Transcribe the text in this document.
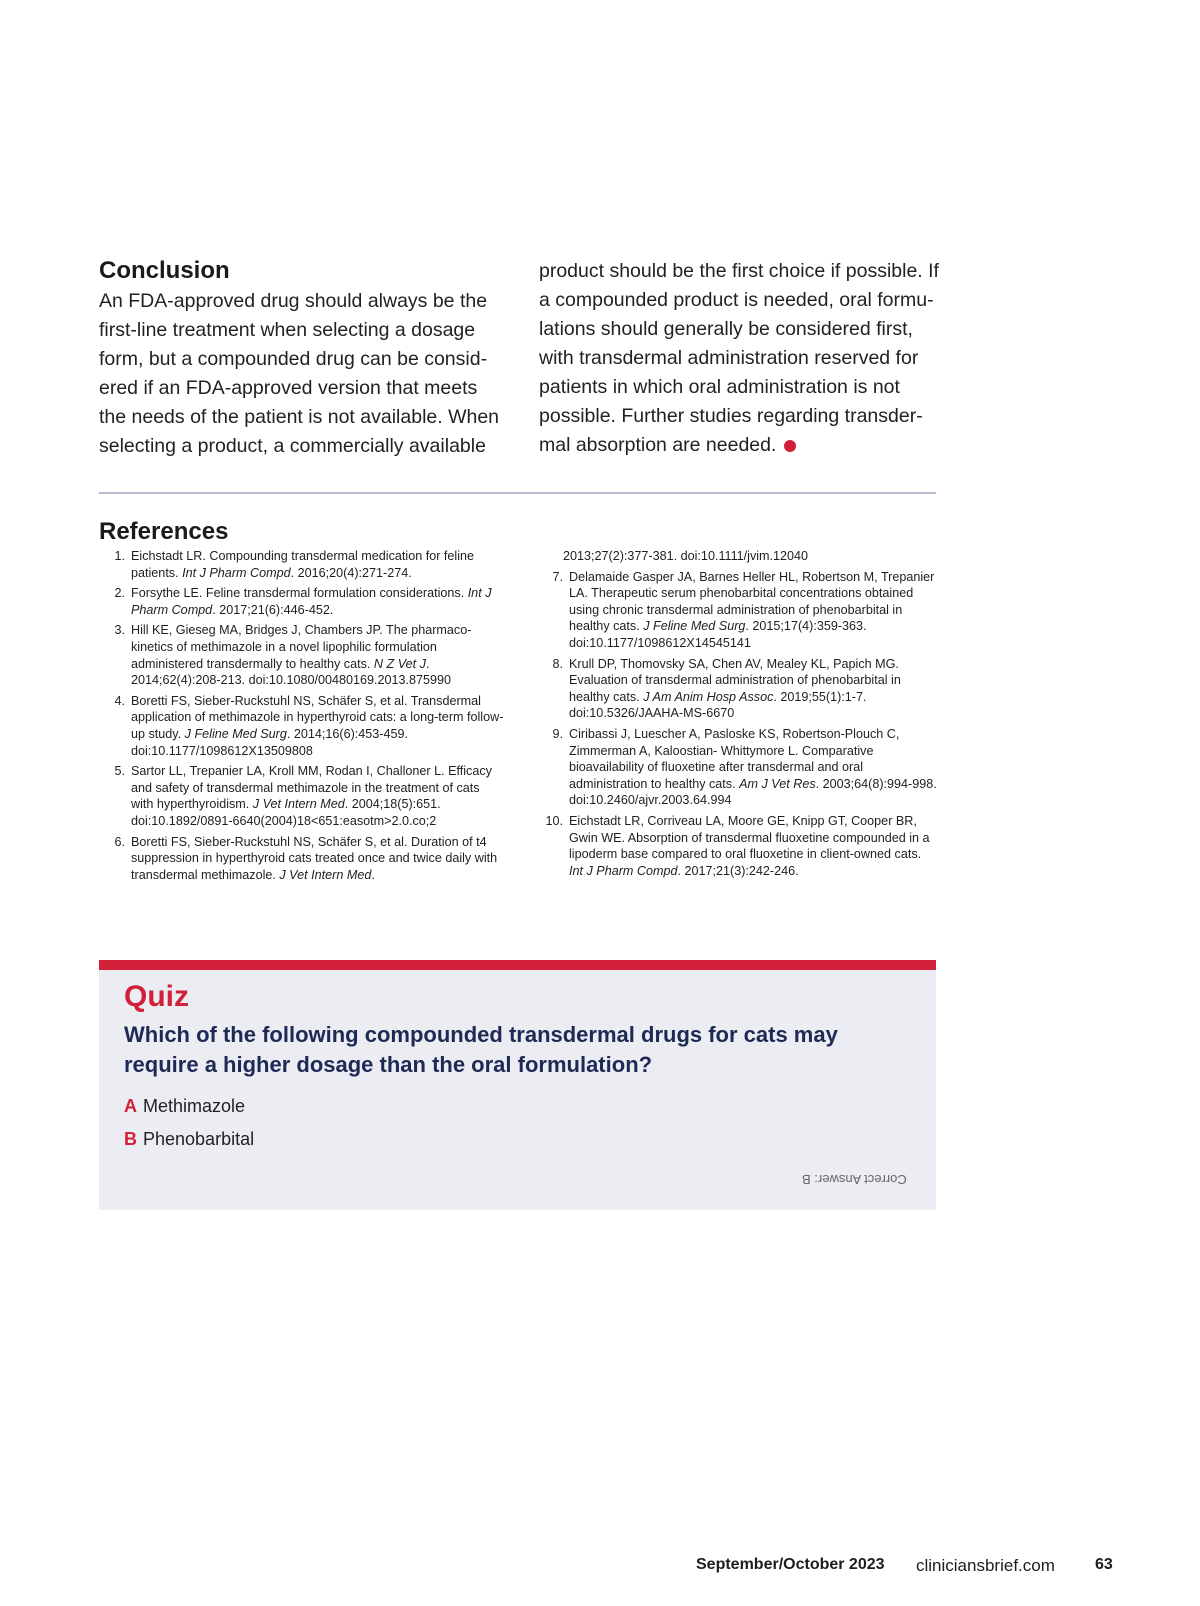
Conclusion
An FDA-approved drug should always be the
first-line treatment when selecting a dosage
form, but a compounded drug can be consid-
ered if an FDA-approved version that meets
the needs of the patient is not available. When
selecting a product, a commercially available
product should be the first choice if possible. If
a compounded product is needed, oral formu-
lations should generally be considered first,
with transdermal administration reserved for
patients in which oral administration is not
possible. Further studies regarding transder-
mal absorption are needed.
References
1. Eichstadt LR. Compounding transdermal medication for feline patients. Int J Pharm Compd. 2016;20(4):271-274.
2. Forsythe LE. Feline transdermal formulation considerations. Int J Pharm Compd. 2017;21(6):446-452.
3. Hill KE, Gieseg MA, Bridges J, Chambers JP. The pharmaco-kinetics of methimazole in a novel lipophilic formulation administered transdermally to healthy cats. N Z Vet J. 2014;62(4):208-213. doi:10.1080/00480169.2013.875990
4. Boretti FS, Sieber-Ruckstuhl NS, Schäfer S, et al. Transdermal application of methimazole in hyperthyroid cats: a long-term follow-up study. J Feline Med Surg. 2014;16(6):453-459. doi:10.1177/1098612X13509808
5. Sartor LL, Trepanier LA, Kroll MM, Rodan I, Challoner L. Efficacy and safety of transdermal methimazole in the treatment of cats with hyperthyroidism. J Vet Intern Med. 2004;18(5):651. doi:10.1892/0891-6640(2004)18<651:easotm>2.0.co;2
6. Boretti FS, Sieber-Ruckstuhl NS, Schäfer S, et al. Duration of t4 suppression in hyperthyroid cats treated once and twice daily with transdermal methimazole. J Vet Intern Med.
2013;27(2):377-381. doi:10.1111/jvim.12040
7. Delamaide Gasper JA, Barnes Heller HL, Robertson M, Trepanier LA. Therapeutic serum phenobarbital concentrations obtained using chronic transdermal administration of phenobarbital in healthy cats. J Feline Med Surg. 2015;17(4):359-363. doi:10.1177/1098612X14545141
8. Krull DP, Thomovsky SA, Chen AV, Mealey KL, Papich MG. Evaluation of transdermal administration of phenobarbital in healthy cats. J Am Anim Hosp Assoc. 2019;55(1):1-7. doi:10.5326/JAAHA-MS-6670
9. Ciribassi J, Luescher A, Pasloske KS, Robertson-Plouch C, Zimmerman A, Kaloostian- Whittymore L. Comparative bioavailability of fluoxetine after transdermal and oral administration to healthy cats. Am J Vet Res. 2003;64(8):994-998. doi:10.2460/ajvr.2003.64.994
10. Eichstadt LR, Corriveau LA, Moore GE, Knipp GT, Cooper BR, Gwin WE. Absorption of transdermal fluoxetine compounded in a lipoderm base compared to oral fluoxetine in client-owned cats. Int J Pharm Compd. 2017;21(3):242-246.
Quiz
Which of the following compounded transdermal drugs for cats may require a higher dosage than the oral formulation?
A Methimazole
B Phenobarbital
Correct Answer: B
September/October 2023 cliniciansbrief.com	63
